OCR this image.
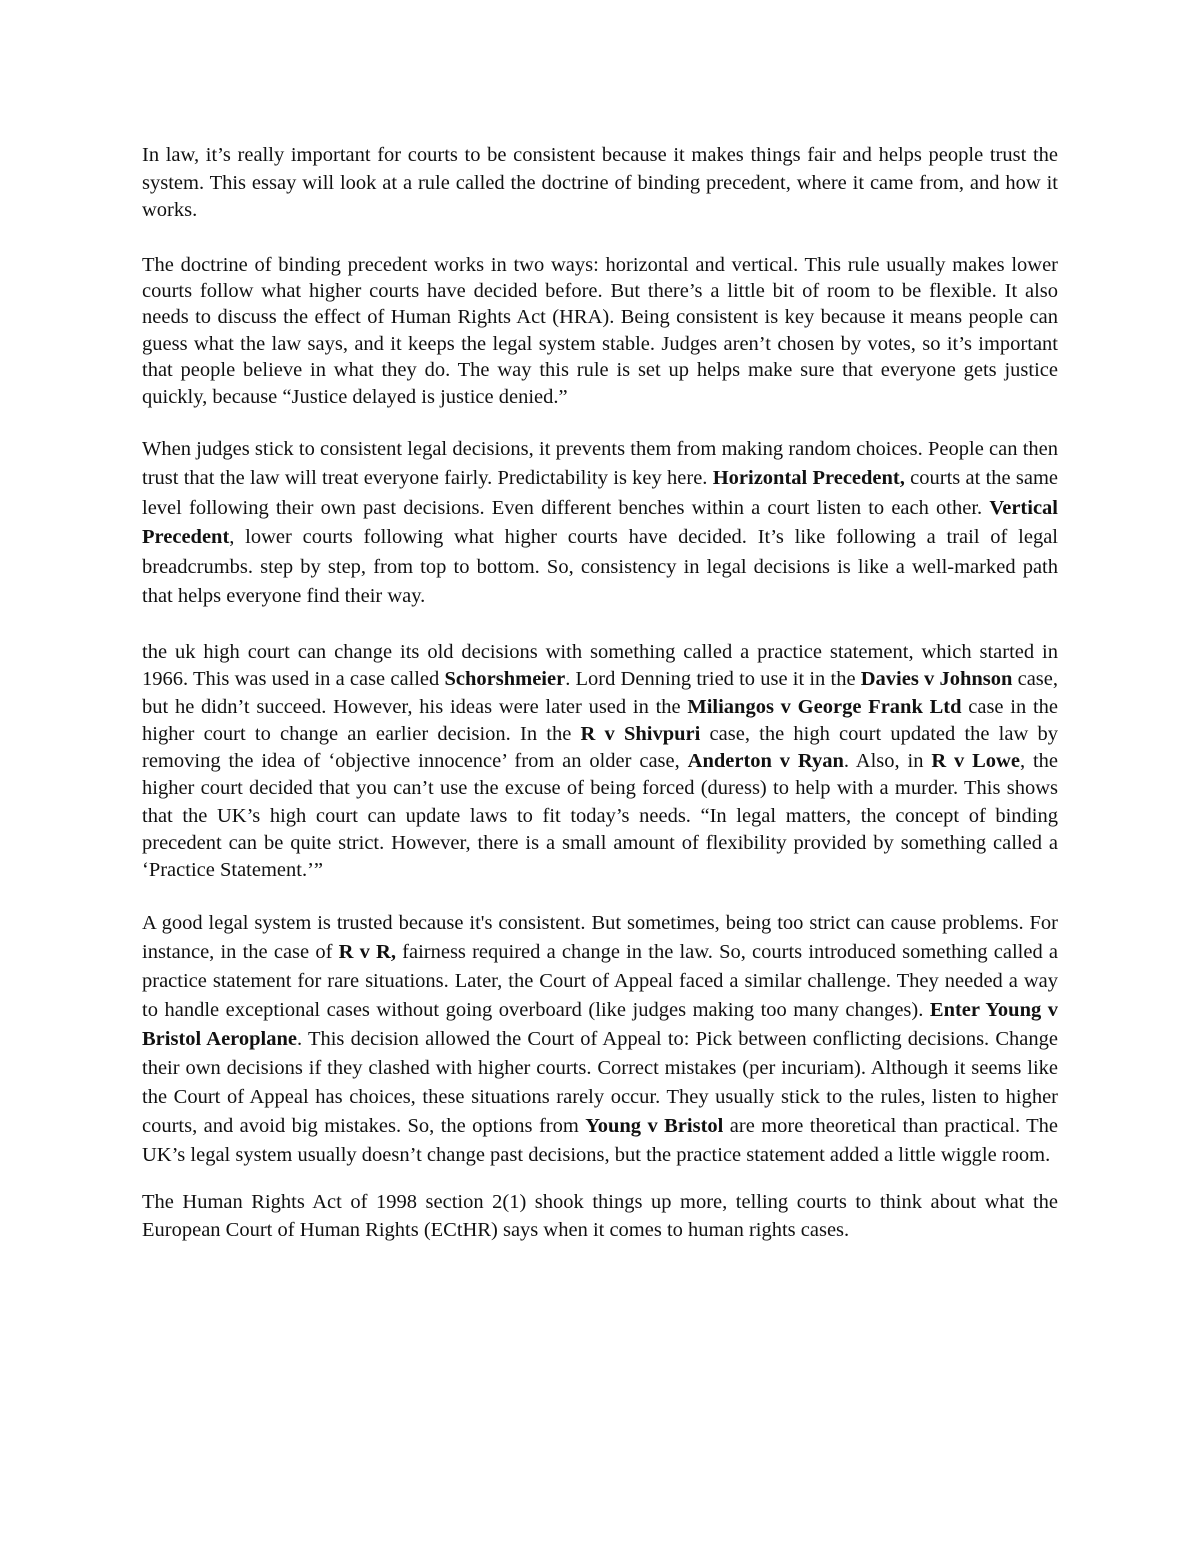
In law, it’s really important for courts to be consistent because it makes things fair and helps people trust the system. This essay will look at a rule called the doctrine of binding precedent, where it came from, and how it works.

The doctrine of binding precedent works in two ways: horizontal and vertical. This rule usually makes lower courts follow what higher courts have decided before. But there’s a little bit of room to be flexible. It also needs to discuss the effect of Human Rights Act (HRA). Being consistent is key because it means people can guess what the law says, and it keeps the legal system stable. Judges aren’t chosen by votes, so it’s important that people believe in what they do. The way this rule is set up helps make sure that everyone gets justice quickly, because “Justice delayed is justice denied.”

When judges stick to consistent legal decisions, it prevents them from making random choices. People can then trust that the law will treat everyone fairly. Predictability is key here. Horizontal Precedent, courts at the same level following their own past decisions. Even different benches within a court listen to each other. Vertical Precedent, lower courts following what higher courts have decided. It’s like following a trail of legal breadcrumbs. step by step, from top to bottom. So, consistency in legal decisions is like a well-marked path that helps everyone find their way.

the uk high court can change its old decisions with something called a practice statement, which started in 1966. This was used in a case called Schorshmeier. Lord Denning tried to use it in the Davies v Johnson case, but he didn’t succeed. However, his ideas were later used in the Miliangos v George Frank Ltd case in the higher court to change an earlier decision. In the R v Shivpuri case, the high court updated the law by removing the idea of ‘objective innocence’ from an older case, Anderton v Ryan. Also, in R v Lowe, the higher court decided that you can’t use the excuse of being forced (duress) to help with a murder. This shows that the UK’s high court can update laws to fit today’s needs. “In legal matters, the concept of binding precedent can be quite strict. However, there is a small amount of flexibility provided by something called a ‘Practice Statement.’”

A good legal system is trusted because it's consistent. But sometimes, being too strict can cause problems. For instance, in the case of R v R, fairness required a change in the law. So, courts introduced something called a practice statement for rare situations. Later, the Court of Appeal faced a similar challenge. They needed a way to handle exceptional cases without going overboard (like judges making too many changes). Enter Young v Bristol Aeroplane. This decision allowed the Court of Appeal to: Pick between conflicting decisions. Change their own decisions if they clashed with higher courts. Correct mistakes (per incuriam). Although it seems like the Court of Appeal has choices, these situations rarely occur. They usually stick to the rules, listen to higher courts, and avoid big mistakes. So, the options from Young v Bristol are more theoretical than practical. The UK’s legal system usually doesn’t change past decisions, but the practice statement added a little wiggle room.

The Human Rights Act of 1998 section 2(1) shook things up more, telling courts to think about what the European Court of Human Rights (ECtHR) says when it comes to human rights cases.
